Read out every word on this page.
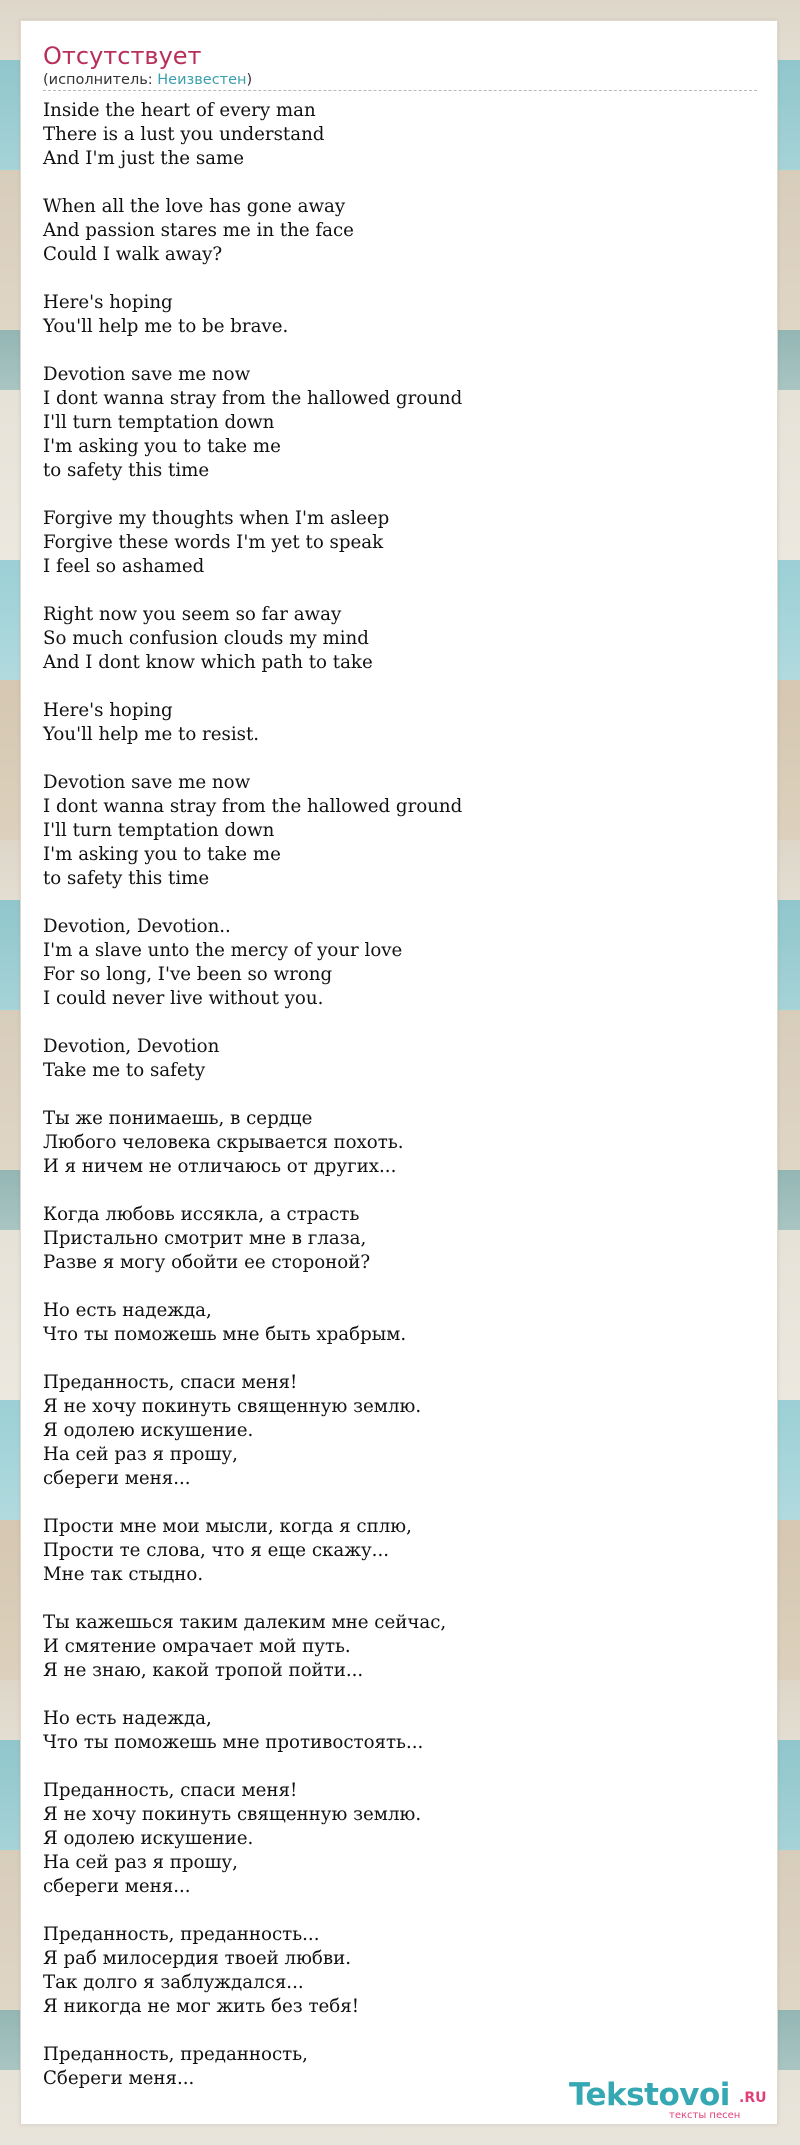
Отсутствует
(исполнитель: Неизвестен)
Inside the heart of every man
There is a lust you understand
And I'm just the same
When all the love has gone away
And passion stares me in the face
Could I walk away?
Here's hoping
You'll help me to be brave.
Devotion save me now
I dont wanna stray from the hallowed ground
I'll turn temptation down
I'm asking you to take me
to safety this time
Forgive my thoughts when I'm asleep
Forgive these words I'm yet to speak
I feel so ashamed
Right now you seem so far away
So much confusion clouds my mind
And I dont know which path to take
Here's hoping
You'll help me to resist.
Devotion save me now
I dont wanna stray from the hallowed ground
I'll turn temptation down
I'm asking you to take me
to safety this time
Devotion, Devotion..
I'm a slave unto the mercy of your love
For so long, I've been so wrong
I could never live without you.
Devotion, Devotion
Take me to safety
Ты же понимаешь, в сердце
Любого человека скрывается похоть.
И я ничем не отличаюсь от других...
Когда любовь иссякла, а страсть
Пристально смотрит мне в глаза,
Разве я могу обойти ее стороной?
Но есть надежда,
Что ты поможешь мне быть храбрым.
Преданность, спаси меня!
Я не хочу покинуть священную землю.
Я одолею искушение.
На сей раз я прошу,
сбереги меня...
Прости мне мои мысли, когда я сплю,
Прости те слова, что я еще скажу...
Мне так стыдно.
Ты кажешься таким далеким мне сейчас,
И смятение омрачает мой путь.
Я не знаю, какой тропой пойти...
Но есть надежда,
Что ты поможешь мне противостоять...
Преданность, спаси меня!
Я не хочу покинуть священную землю.
Я одолею искушение.
На сей раз я прошу,
сбереги меня...
Преданность, преданность...
Я раб милосердия твоей любви.
Так долго я заблуждался...
Я никогда не мог жить без тебя!
Преданность, преданность,
Сбереги меня...	Tekstovoi .RU
тексты песен
